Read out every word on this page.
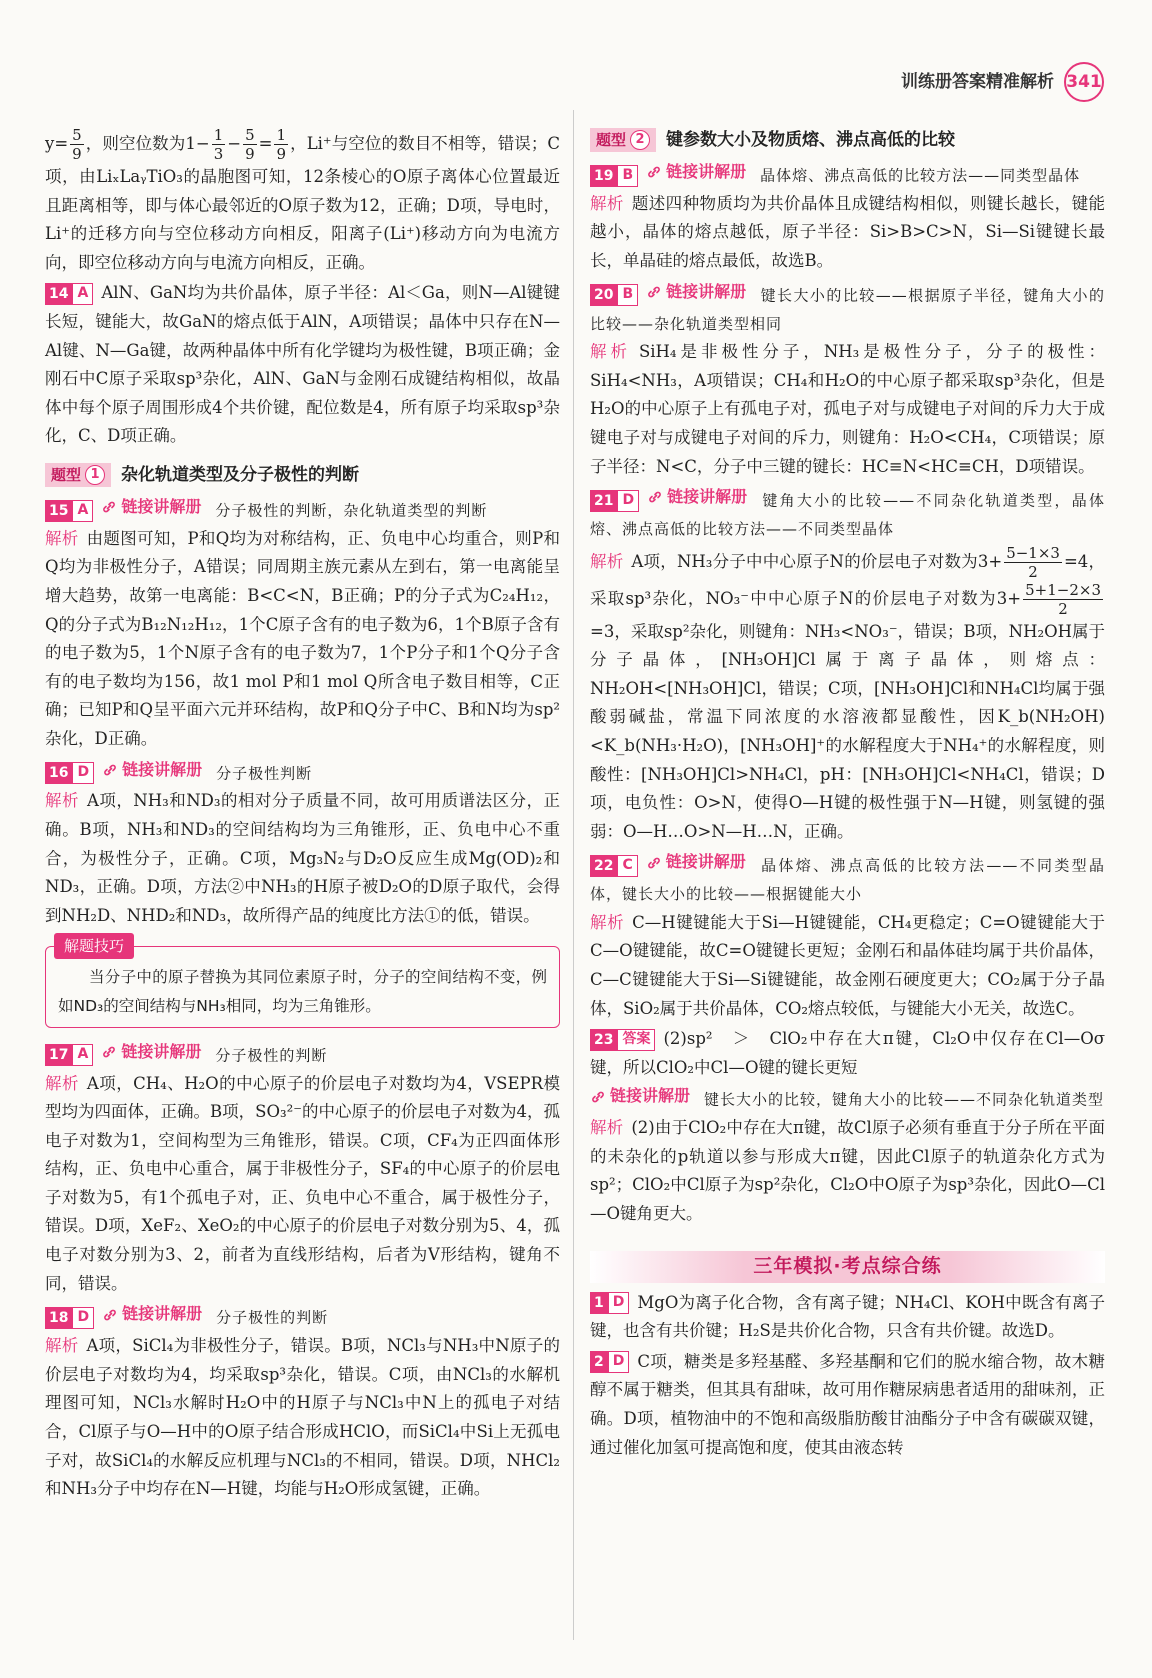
训练册答案精准解析 341

$y= \frac{5}{9}$ ，则空位数为$1- \frac{1}{3} - \frac{5}{9} = \frac{1}{9}$ ，Li⁺与空位的数目不相等，错误；C项，由LiₓLaᵧTiO₃的晶胞图可知，12条棱心的O原子离体心位置最近且距离相等，即与体心最邻近的O原子数为12，正确；D项，导电时，Li⁺的迁移方向与空位移动方向相反，阳离子(Li⁺)移动方向为电流方向，即空位移动方向与电流方向相反，正确。

14 A AlN、GaN均为共价晶体，原子半径：Al＜Ga，则N—Al键键长短，键能大，故GaN的熔点低于AlN，A项错误；晶体中只存在N—Al键、N—Ga键，故两种晶体中所有化学键均为极性键，B项正确；金刚石中C原子采取sp³杂化，AlN、GaN与金刚石成键结构相似，故晶体中每个原子周围形成4个共价键，配位数是4，所有原子均采取sp³杂化，C、D项正确。

题型 1	杂化轨道类型及分子极性的判断

15 A	链接讲解册 分子极性的判断，杂化轨道类型的判断

解析 由题图可知，P和Q均为对称结构，正、负电中心均重合，则P和Q均为非极性分子，A错误；同周期主族元素从左到右，第一电离能呈增大趋势，故第一电离能：B<C<N，B正确；P的分子式为C₂₄H₁₂，Q的分子式为B₁₂N₁₂H₁₂，1个C原子含有的电子数为6，1个B原子含有的电子数为5，1个N原子含有的电子数为7，1个P分子和1个Q分子含有的电子数均为156，故1 mol P和1 mol Q所含电子数目相等，C正确；已知P和Q呈平面六元并环结构，故P和Q分子中C、B和N均为sp²杂化，D正确。

16 D	链接讲解册 分子极性判断

解析 A项，NH₃和ND₃的相对分子质量不同，故可用质谱法区分，正确。B项，NH₃和ND₃的空间结构均为三角锥形，正、负电中心不重合，为极性分子，正确。C项，Mg₃N₂与D₂O反应生成Mg(OD)₂和ND₃，正确。D项，方法②中NH₃的H原子被D₂O的D原子取代，会得到NH₂D、NHD₂和ND₃，故所得产品的纯度比方法①的低，错误。

解题技巧

当分子中的原子替换为其同位素原子时，分子的空间结构不变，例如ND₃的空间结构与NH₃相同，均为三角锥形。

17 A	链接讲解册 分子极性的判断

解析 A项，CH₄、H₂O的中心原子的价层电子对数均为4，VSEPR模型均为四面体，正确。B项，SO₃²⁻的中心原子的价层电子对数为4，孤电子对数为1，空间构型为三角锥形，错误。C项，CF₄为正四面体形结构，正、负电中心重合，属于非极性分子，SF₄的中心原子的价层电子对数为5，有1个孤电子对，正、负电中心不重合，属于极性分子，错误。D项，XeF₂、XeO₂的中心原子的价层电子对数分别为5、4，孤电子对数分别为3、2，前者为直线形结构，后者为V形结构，键角不同，错误。

18 D	链接讲解册 分子极性的判断

解析 A项，SiCl₄为非极性分子，错误。B项，NCl₃与NH₃中N原子的价层电子对数均为4，均采取sp³杂化，错误。C项，由NCl₃的水解机理图可知，NCl₃水解时H₂O中的H原子与NCl₃中N上的孤电子对结合，Cl原子与O—H中的O原子结合形成HClO，而SiCl₄中Si上无孤电子对，故SiCl₄的水解反应机理与NCl₃的不相同，错误。D项，NHCl₂和NH₃分子中均存在N—H键，均能与H₂O形成氢键，正确。

题型 2	键参数大小及物质熔、沸点高低的比较

19 B	链接讲解册 晶体熔、沸点高低的比较方法——同类型晶体

解析 题述四种物质均为共价晶体且成键结构相似，则键长越长，键能越小，晶体的熔点越低，原子半径：Si>B>C>N，Si—Si键键长最长，单晶硅的熔点最低，故选B。

20 B	链接讲解册 键长大小的比较——根据原子半径，键角大小的比较——杂化轨道类型相同

解析 SiH₄是非极性分子，NH₃是极性分子，分子的极性：SiH₄<NH₃，A项错误；CH₄和H₂O的中心原子都采取sp³杂化，但是H₂O的中心原子上有孤电子对，孤电子对与成键电子对间的斥力大于成键电子对与成键电子对间的斥力，则键角：H₂O<CH₄，C项错误；原子半径：N<C，分子中三键的键长：HC≡N<HC≡CH，D项错误。

21 D	链接讲解册 键角大小的比较——不同杂化轨道类型，晶体熔、沸点高低的比较方法——不同类型晶体

解析 A项，NH₃分子中中心原子N的价层电子对数为$3+ \frac{5-1\times 3}{2} =4$，采取sp³杂化，NO₃⁻中中心原子N的价层电子对数为$3+ \frac{5+1-2\times 3}{2}$
=3，采取sp²杂化，则键角：NH₃<NO₃⁻，错误；B项，NH₂OH属于分子晶体，[NH₃OH]Cl属于离子晶体，则熔点：NH₂OH<[NH₃OH]Cl，错误；C项，[NH₃OH]Cl和NH₄Cl均属于强酸弱碱盐，常温下同浓度的水溶液都显酸性，因K_b(NH₂OH)<K_b(NH₃·H₂O)，[NH₃OH]⁺的水解程度大于NH₄⁺的水解程度，则酸性：[NH₃OH]Cl>NH₄Cl，pH：[NH₃OH]Cl<NH₄Cl，错误；D项，电负性：O>N，使得O—H键的极性强于N—H键，则氢键的强弱：O—H…O>N—H…N，正确。

22 C	链接讲解册 晶体熔、沸点高低的比较方法——不同类型晶体，键长大小的比较——根据键能大小

解析 C—H键键能大于Si—H键键能，CH₄更稳定；C=O键键能大于C—O键键能，故C=O键键长更短；金刚石和晶体硅均属于共价晶体，C—C键键能大于Si—Si键键能，故金刚石硬度更大；CO₂属于分子晶体，SiO₂属于共价晶体，CO₂熔点较低，与键能大小无关，故选C。

23 答案 (2)sp²　＞　ClO₂中存在大π键，Cl₂O中仅存在Cl—Oσ键，所以ClO₂中Cl—O键的键长更短

链接讲解册 键长大小的比较，键角大小的比较——不同杂化轨道类型

解析 (2)由于ClO₂中存在大π键，故Cl原子必须有垂直于分子所在平面的未杂化的p轨道以参与形成大π键，因此Cl原子的轨道杂化方式为sp²；ClO₂中Cl原子为sp²杂化，Cl₂O中O原子为sp³杂化，因此O—Cl—O键角更大。

三年模拟·考点综合练

1 D MgO为离子化合物，含有离子键；NH₄Cl、KOH中既含有离子键，也含有共价键；H₂S是共价化合物，只含有共价键。故选D。

2 D C项，糖类是多羟基醛、多羟基酮和它们的脱水缩合物，故木糖醇不属于糖类，但其具有甜味，故可用作糖尿病患者适用的甜味剂，正确。D项，植物油中的不饱和高级脂肪酸甘油酯分子中含有碳碳双键，通过催化加氢可提高饱和度，使其由液态转
